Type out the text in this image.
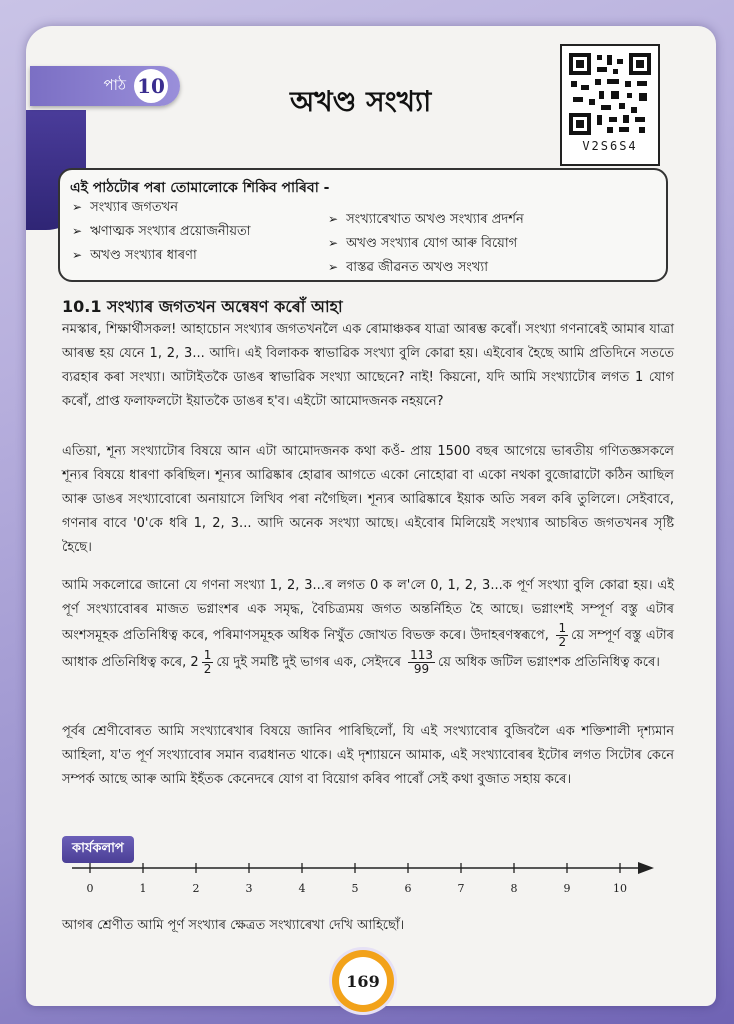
পাঠ 10	অখণ্ড সংখ্যা
V2S6S4
এই পাঠটোৰ পৰা তোমালোকে শিকিব পাৰিবা -
➢ সংখ্যাৰ জগতখন
➢ ঋণাত্মক সংখ্যাৰ প্ৰয়োজনীয়তা
➢ অখণ্ড সংখ্যাৰ ধাৰণা
➢ সংখ্যাৰেখাত অখণ্ড সংখ্যাৰ প্ৰদৰ্শন
➢ অখণ্ড সংখ্যাৰ যোগ আৰু বিয়োগ
➢ বাস্তৱ জীৱনত অখণ্ড সংখ্যা
10.1 সংখ্যাৰ জগতখন অন্বেষণ কৰোঁ আহা
নমস্কাৰ, শিক্ষাৰ্থীসকল! আহাচোন সংখ্যাৰ জগতখনলৈ এক ৰোমাঞ্চকৰ যাত্ৰা আৰম্ভ কৰোঁ। সংখ্যা গণনাৰেই আমাৰ যাত্ৰা আৰম্ভ হয় যেনে 1, 2, 3... আদি। এই বিলাকক স্বাভাৱিক সংখ্যা বুলি কোৱা হয়। এইবোৰ হৈছে আমি প্ৰতিদিনে সততে ব্যৱহাৰ কৰা সংখ্যা। আটাইতকৈ ডাঙৰ স্বাভাৱিক সংখ্যা আছেনে? নাই! কিয়নো, যদি আমি সংখ্যাটোৰ লগত 1 যোগ কৰোঁ, প্ৰাপ্ত ফলাফলটো ইয়াতকৈ ডাঙৰ হ'ব। এইটো আমোদজনক নহয়নে?
এতিয়া, শূন্য সংখ্যাটোৰ বিষয়ে আন এটা আমোদজনক কথা কওঁ- প্ৰায় 1500 বছৰ আগেয়ে ভাৰতীয় গণিতজ্ঞসকলে শূন্যৰ বিষয়ে ধাৰণা কৰিছিল। শূন্যৰ আৱিষ্কাৰ হোৱাৰ আগতে একো নোহোৱা বা একো নথকা বুজোৱাটো কঠিন আছিল আৰু ডাঙৰ সংখ্যাবোৰো অনায়াসে লিখিব পৰা নগৈছিল। শূন্যৰ আৱিষ্কাৰে ইয়াক অতি সৰল কৰি তুলিলে। সেইবাবে, গণনাৰ বাবে '0'কে ধৰি 1, 2, 3... আদি অনেক সংখ্যা আছে। এইবোৰ মিলিয়েই সংখ্যাৰ আচৰিত জগতখনৰ সৃষ্টি হৈছে।
আমি সকলোৱে জানো যে গণনা সংখ্যা 1, 2, 3...ৰ লগত 0 ক ল'লে 0, 1, 2, 3...ক পূৰ্ণ সংখ্যা বুলি কোৱা হয়। এই পূৰ্ণ সংখ্যাবোৰৰ মাজত ভগ্নাংশৰ এক সমৃদ্ধ, বৈচিত্ৰ্যময় জগত অন্তৰ্নিহিত হৈ আছে। ভগ্নাংশই সম্পূৰ্ণ বস্তু এটাৰ অংশসমূহক প্ৰতিনিধিত্ব কৰে, পৰিমাণসমূহক অধিক নিখুঁত জোখত বিভক্ত কৰে। উদাহৰণস্বৰূপে, $\frac{1}{2}$ য়ে সম্পূৰ্ণ বস্তু এটাৰ আধাক প্ৰতিনিধিত্ব কৰে, $2 \frac{1}{2}$ য়ে দুই সমষ্টি দুই ভাগৰ এক, সেইদৰে $\frac{113}{99}$ য়ে অধিক জটিল ভগ্নাংশক প্ৰতিনিধিত্ব কৰে।
পূৰ্বৰ শ্ৰেণীবোৰত আমি সংখ্যাৰেখাৰ বিষয়ে জানিব পাৰিছিলোঁ, যি এই সংখ্যাবোৰ বুজিবলৈ এক শক্তিশালী দৃশ্যমান আহিলা, য'ত পূৰ্ণ সংখ্যাবোৰ সমান ব্যৱধানত থাকে। এই দৃশ্যায়নে আমাক, এই সংখ্যাবোৰৰ ইটোৰ লগত সিটোৰ কেনে সম্পৰ্ক আছে আৰু আমি ইহঁতক কেনেদৰে যোগ বা বিয়োগ কৰিব পাৰোঁ সেই কথা বুজাত সহায় কৰে।
কাৰ্যকলাপ
0	1	2	3	4	5	6	7	8	9	10
আগৰ শ্ৰেণীত আমি পূৰ্ণ সংখ্যাৰ ক্ষেত্ৰত সংখ্যাৰেখা দেখি আহিছোঁ।
169
